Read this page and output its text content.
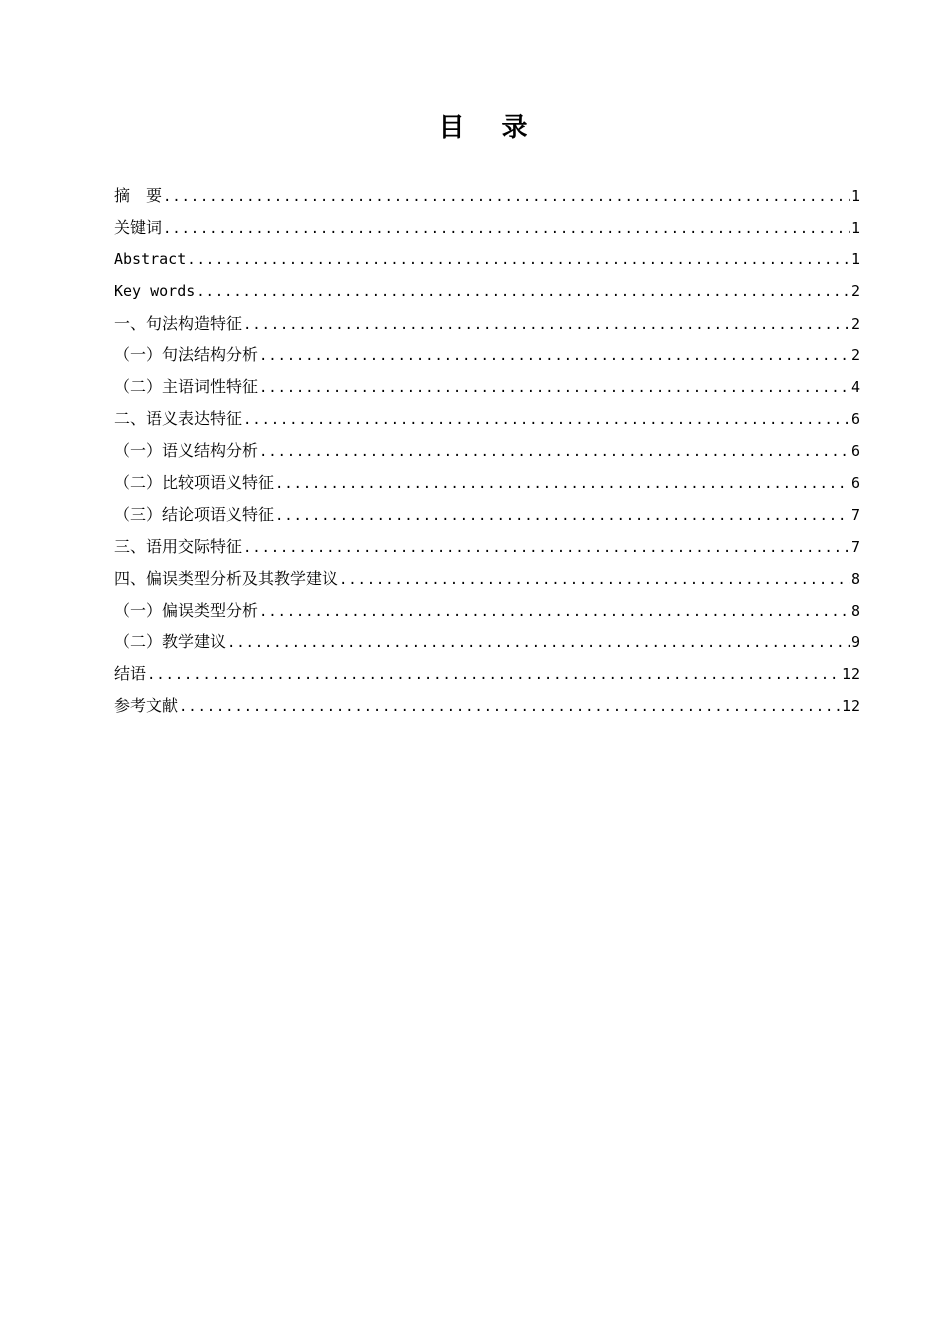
目 录
摘　要 .....	1
关键词 .....	1
Abstract .....	1
Key words .....	2
一、句法构造特征 .....	2
（一）句法结构分析 .....	2
（二）主语词性特征 .....	4
二、语义表达特征 .....	6
（一）语义结构分析 .....	6
（二）比较项语义特征 .....	6
（三）结论项语义特征 .....	7
三、语用交际特征 .....	7
四、偏误类型分析及其教学建议 .....	8
（一）偏误类型分析 .....	8
（二）教学建议 .....	9
结语 .....	12
参考文献 .....	12
